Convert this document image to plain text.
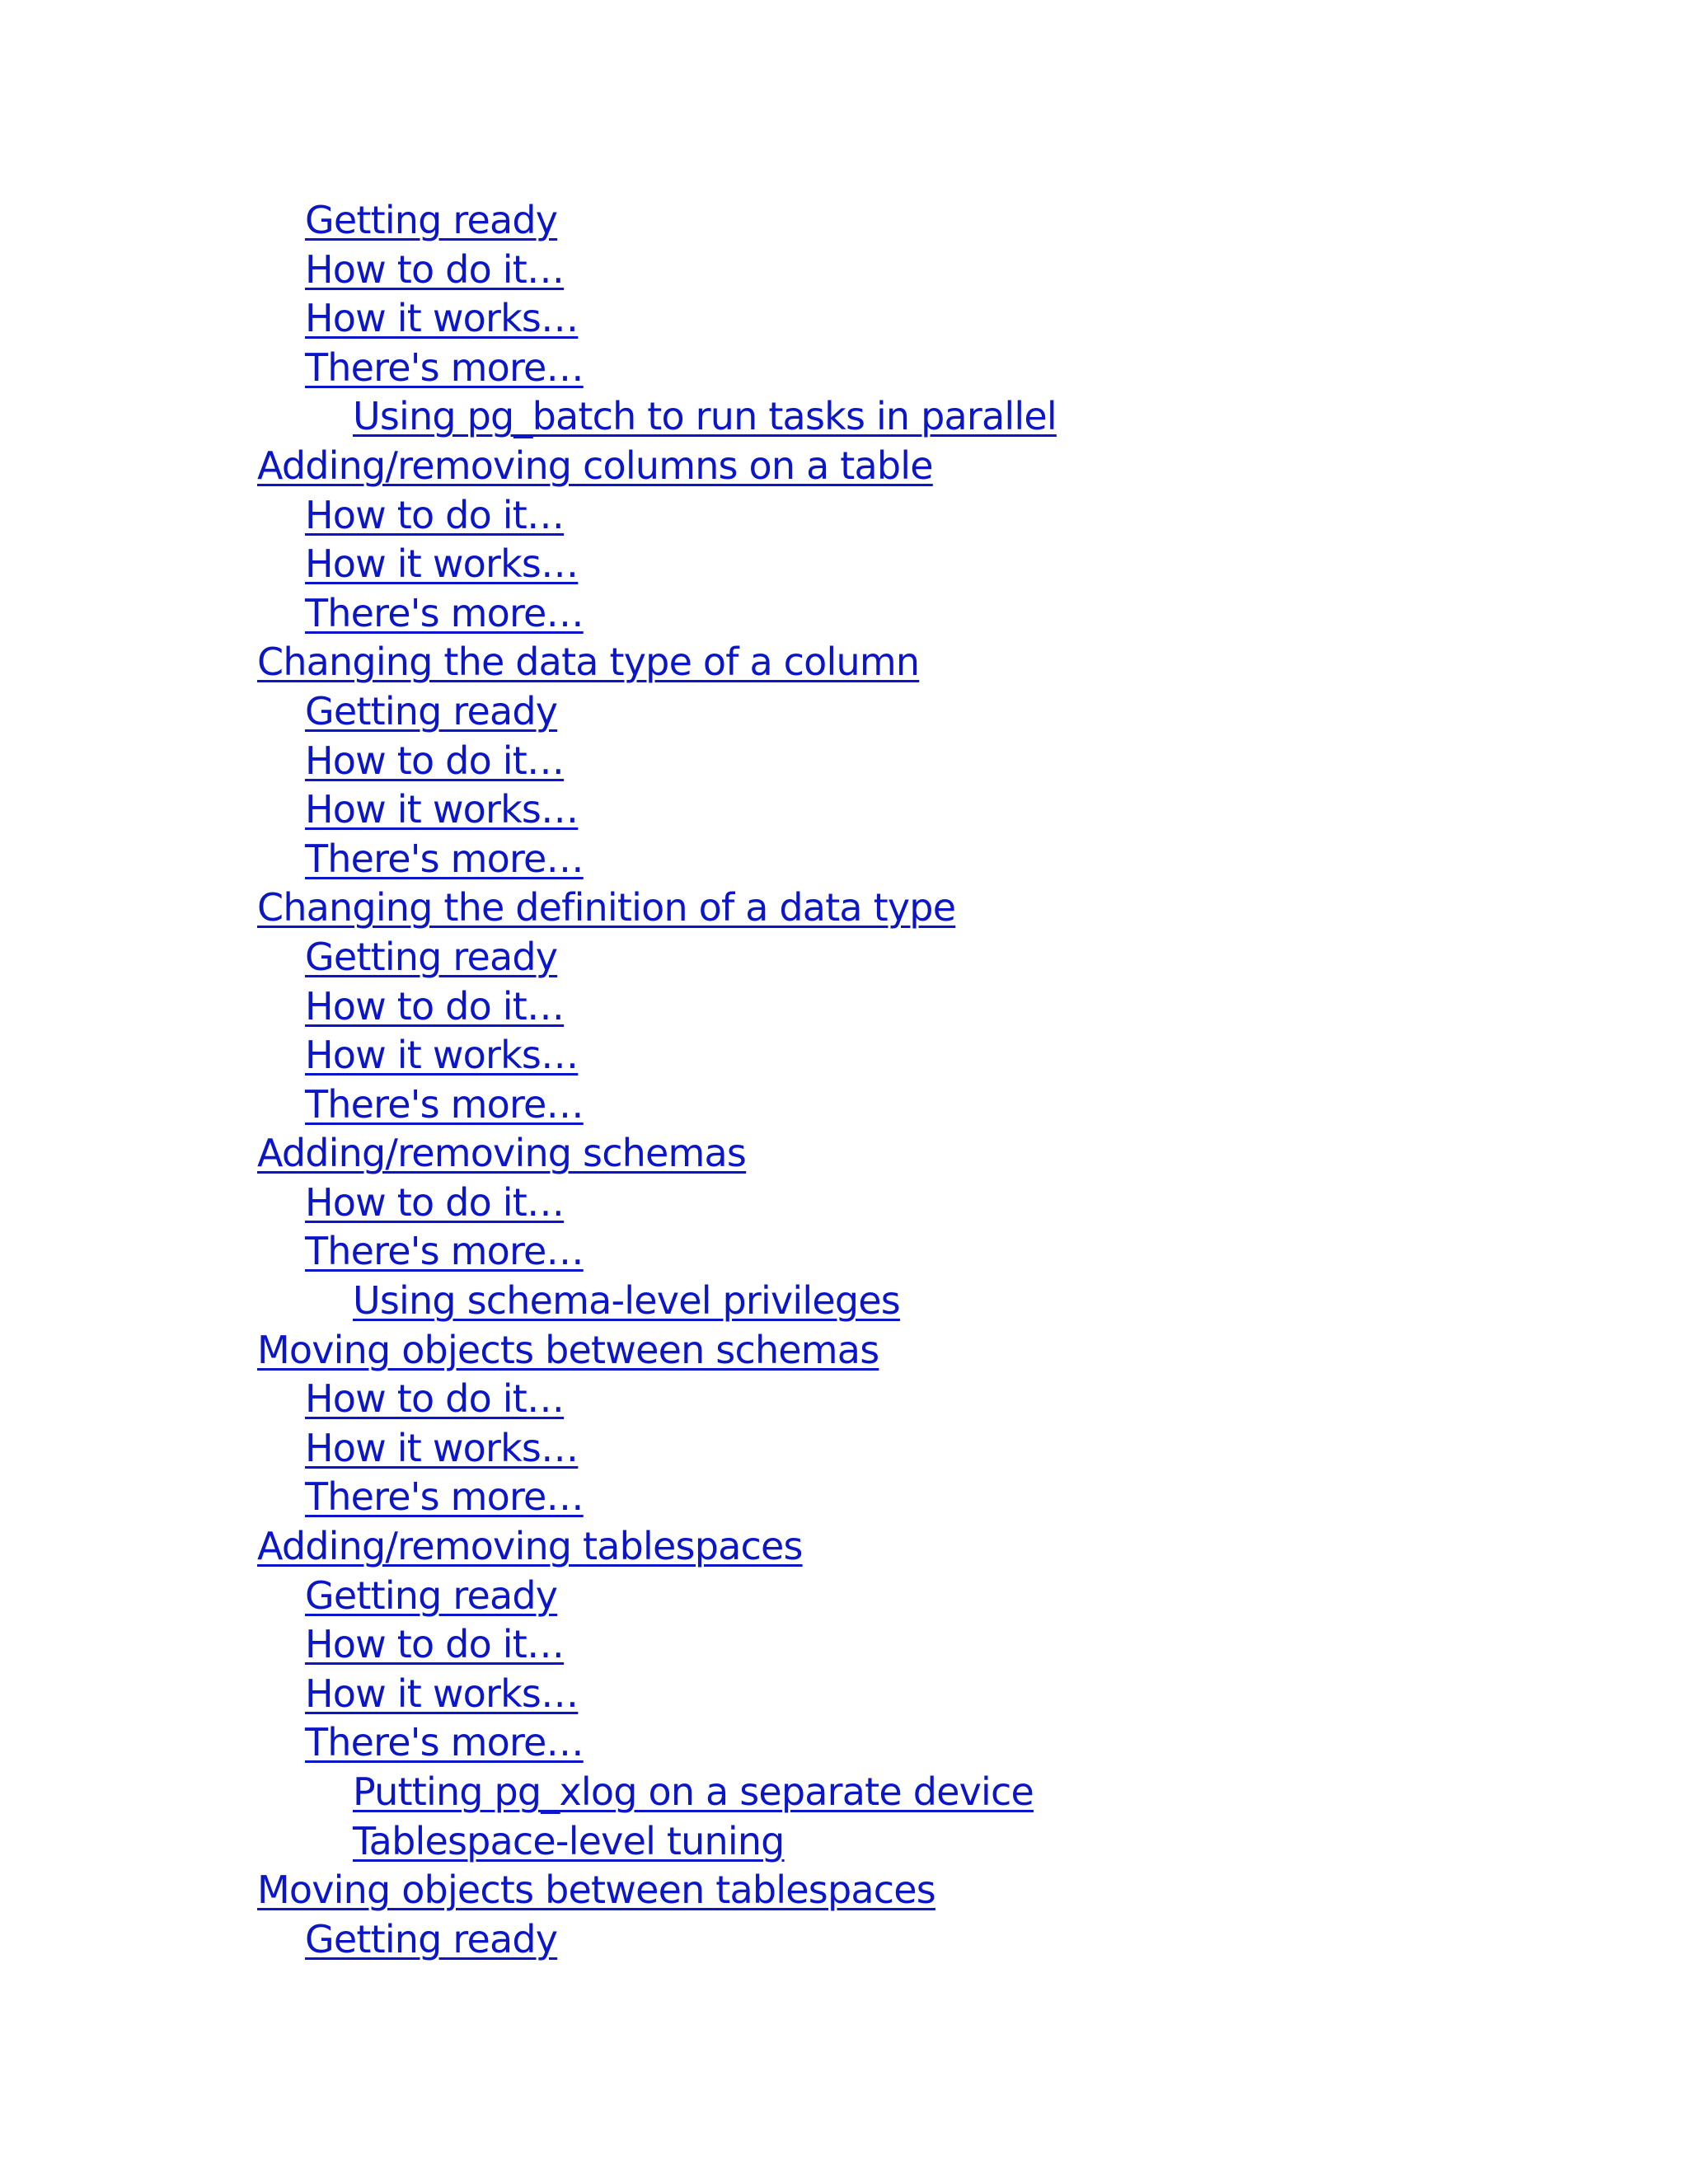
Getting ready
How to do it…
How it works…
There's more…
Using pg_batch to run tasks in parallel
Adding/removing columns on a table
How to do it…
How it works…
There's more…
Changing the data type of a column
Getting ready
How to do it…
How it works…
There's more…
Changing the definition of a data type
Getting ready
How to do it…
How it works…
There's more…
Adding/removing schemas
How to do it…
There's more…
Using schema-level privileges
Moving objects between schemas
How to do it…
How it works…
There's more…
Adding/removing tablespaces
Getting ready
How to do it…
How it works…
There's more…
Putting pg_xlog on a separate device
Tablespace-level tuning
Moving objects between tablespaces
Getting ready
